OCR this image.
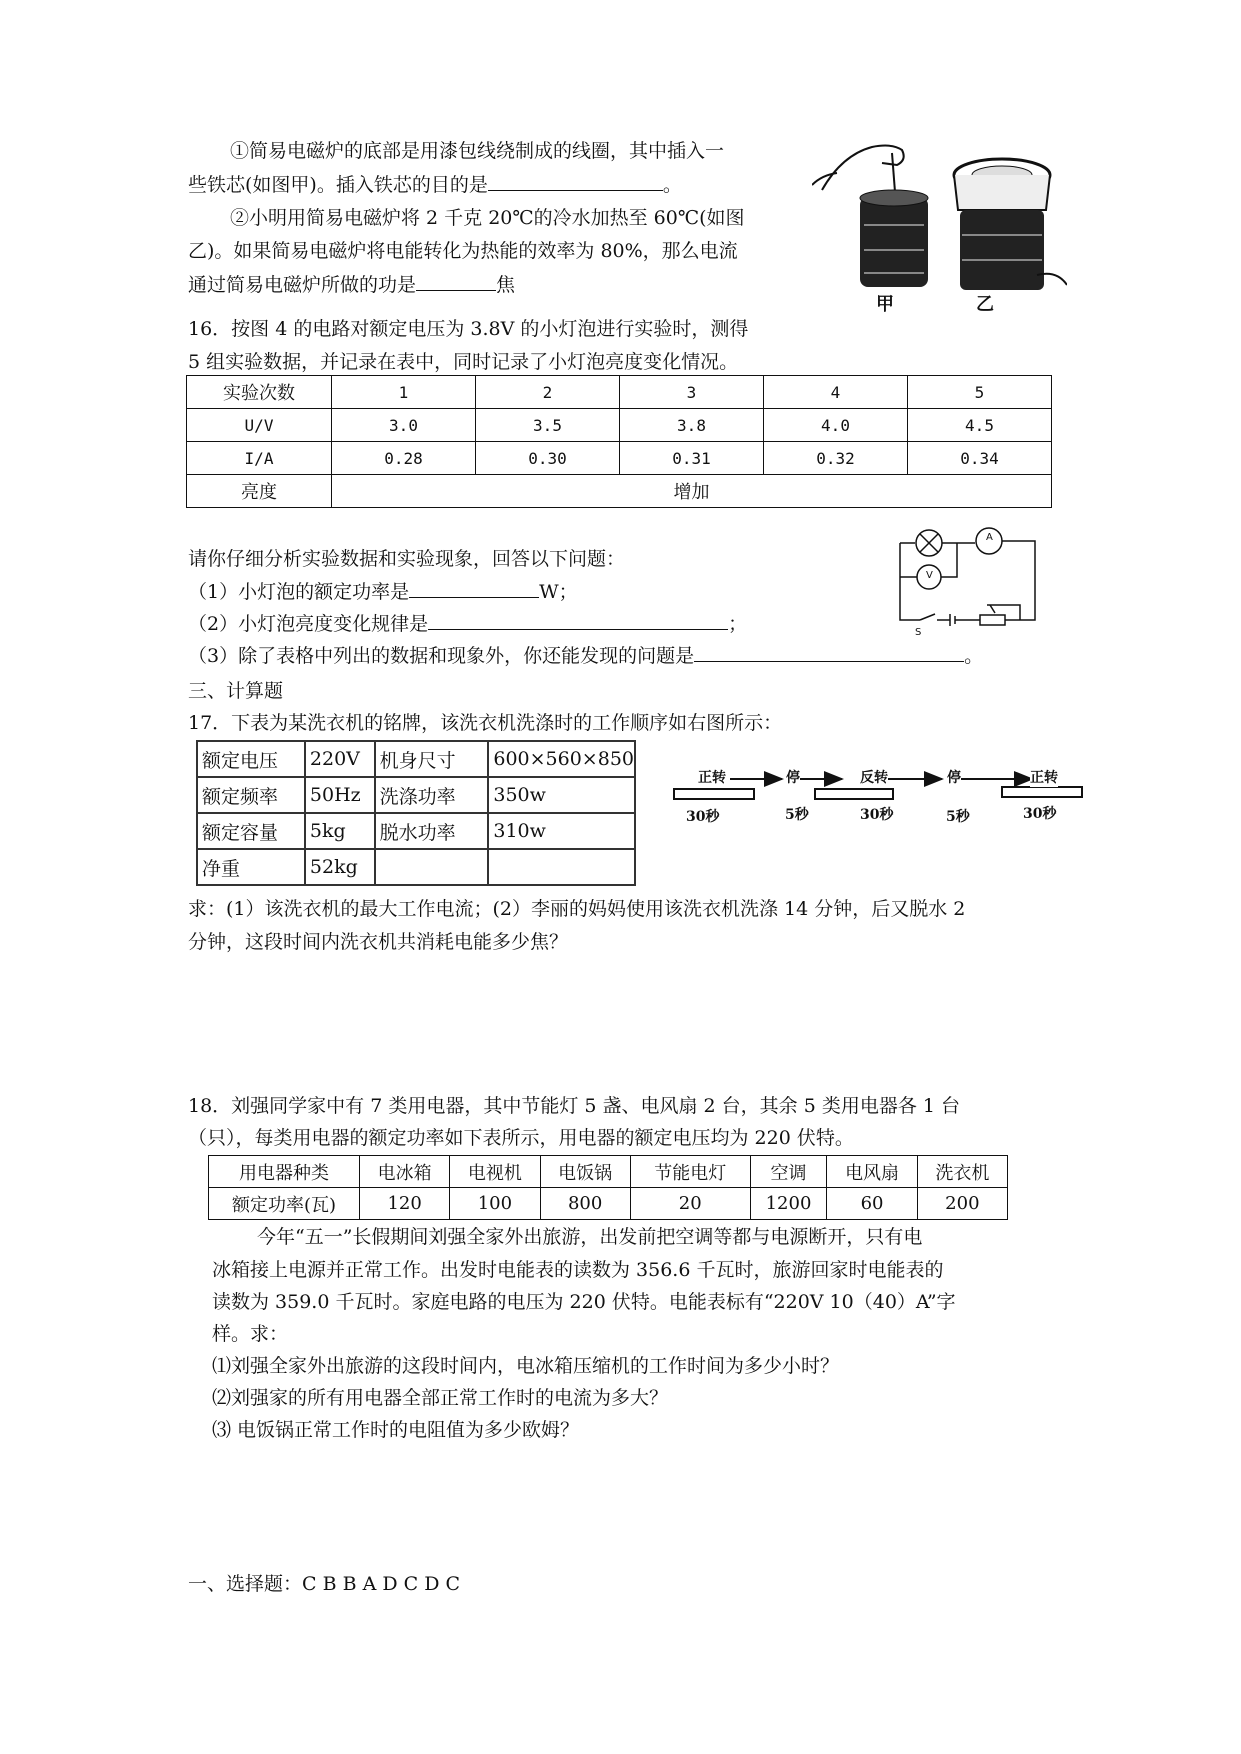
①简易电磁炉的底部是用漆包线绕制成的线圈，其中插入一
些铁芯(如图甲)。插入铁芯的目的是	。
②小明用简易电磁炉将 2 千克 20℃的冷水加热至 60℃(如图
乙)。如果简易电磁炉将电能转化为热能的效率为 80%，那么电流
通过简易电磁炉所做的功是	焦
甲	乙
16．按图 4 的电路对额定电压为 3.8V 的小灯泡进行实验时，测得
5 组实验数据，并记录在表中，同时记录了小灯泡亮度变化情况。
实验次数	1	2	3	4	5
U/V	3.0	3.5	3.8	4.0	4.5
I/A	0.28	0.30	0.31	0.32	0.34
亮度	增加				
请你仔细分析实验数据和实验现象，回答以下问题：
（1）小灯泡的额定功率是	W；
（2）小灯泡亮度变化规律是	；
（3）除了表格中列出的数据和现象外，你还能发现的问题是	。
A
V
S
三、计算题
17．下表为某洗衣机的铭牌，该洗衣机洗涤时的工作顺序如右图所示：
额定电压	220V	机身尺寸	600×560×850
额定频率	50Hz	洗涤功率	350w
额定容量	5kg	脱水功率	310w
净重	52kg		
正转
30秒
停
5秒
反转
30秒
停
5秒
正转
30秒
求：(1）该洗衣机的最大工作电流；(2）李丽的妈妈使用该洗衣机洗涤 14 分钟，后又脱水 2
分钟，这段时间内洗衣机共消耗电能多少焦？
18．刘强同学家中有 7 类用电器，其中节能灯 5 盏、电风扇 2 台，其余 5 类用电器各 1 台
（只），每类用电器的额定功率如下表所示，用电器的额定电压均为 220 伏特。
用电器种类	电冰箱	电视机	电饭锅	节能电灯	空调	电风扇	洗衣机
额定功率(瓦)	120	100	800	20	1200	60	200
今年“五一”长假期间刘强全家外出旅游，出发前把空调等都与电源断开，只有电
冰箱接上电源并正常工作。出发时电能表的读数为 356.6 千瓦时，旅游回家时电能表的
读数为 359.0 千瓦时。家庭电路的电压为 220 伏特。电能表标有“220V 10（40）A”字
样。求：
⑴刘强全家外出旅游的这段时间内，电冰箱压缩机的工作时间为多少小时？
⑵刘强家的所有用电器全部正常工作时的电流为多大？
⑶ 电饭锅正常工作时的电阻值为多少欧姆？
一、选择题：C B B A D C D C
